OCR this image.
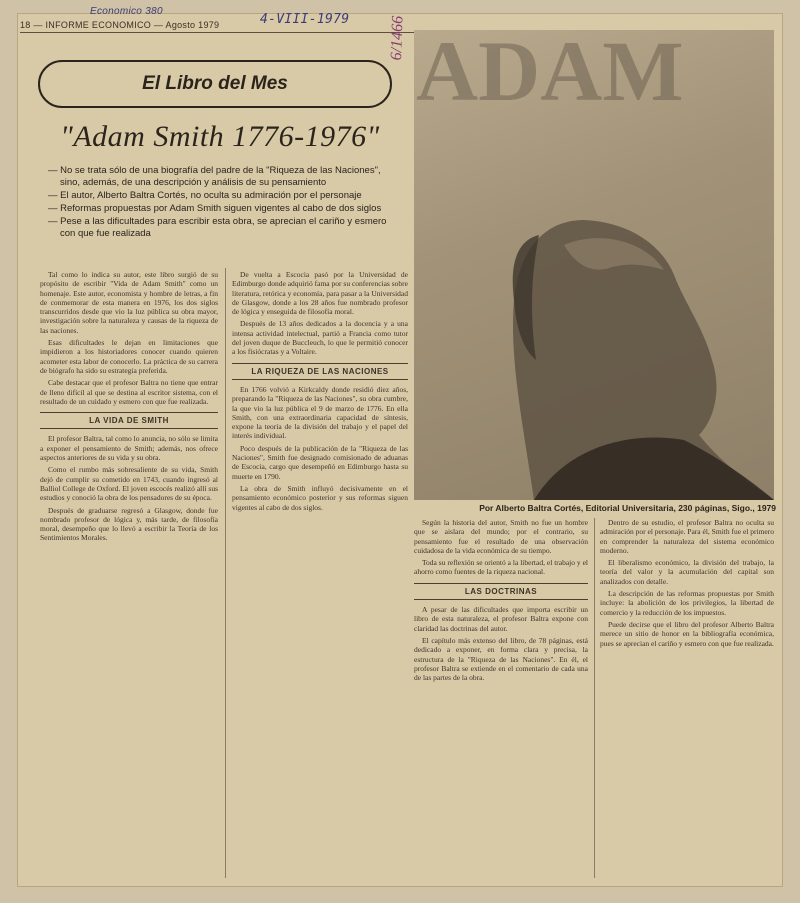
18 — INFORME ECONOMICO — Agosto 1979
Economico 380
4-VIII-1979 6/1466
El Libro del Mes
"Adam Smith 1776-1976"
— No se trata sólo de una biografía del padre de la "Riqueza de las Naciones", sino, además, de una descripción y análisis de su pensamiento
— El autor, Alberto Baltra Cortés, no oculta su admiración por el personaje
— Reformas propuestas por Adam Smith siguen vigentes al cabo de dos siglos
— Pese a las dificultades para escribir esta obra, se aprecian el cariño y esmero con que fue realizada

Tal como lo indica su autor, este libro surgió de su propósito de escribir "Vida de Adam Smith" como un homenaje. Este autor, economista y hombre de letras, a fin de conmemorar de esta manera en 1976, los dos siglos transcurridos desde que vio la luz pública su obra mayor, investigación sobre la naturaleza y causas de la riqueza de las naciones.

Esas dificultades le dejan en limitaciones que impidieron a los historiadores conocer cuando quieren acometer esta labor de conocerlo. La práctica de su carrera de biógrafo ha sido su estrategia preferida.

Cabe destacar que el profesor Baltra no tiene que entrar de lleno difícil al que se destina al escritor sistema, con el resultado de un cuidado y esmero con que fue realizada.

LA VIDA DE SMITH

El profesor Baltra, tal como lo anuncia, no sólo se limita a exponer el pensamiento de Smith; además, nos ofrece aspectos anteriores de su vida y su obra.

Como el rumbo más sobresaliente de su vida, Smith dejó de cumplir su cometido en 1743, cuando ingresó al Balliol College de Oxford. El joven escocés realizó allí sus estudios y conoció la obra de los pensadores de su época.

Después de graduarse regresó a Glasgow, donde fue nombrado profesor de lógica y, más tarde, de filosofía moral, desempeño que lo llevó a escribir la Teoría de los Sentimientos Morales.

De vuelta a Escocia pasó por la Universidad de Edimburgo donde adquirió fama por su conferencias sobre literatura, retórica y economía, para pasar a la Universidad de Glasgow, donde a los 28 años fue nombrado profesor de lógica y enseguida de filosofía moral.

Después de 13 años dedicados a la docencia y a una intensa actividad intelectual, partió a Francia como tutor del joven duque de Buccleuch, lo que le permitió conocer a los fisiócratas y a Voltaire.

LA RIQUEZA DE LAS NACIONES

En 1766 volvió a Kirkcaldy donde residió diez años, preparando la "Riqueza de las Naciones", su obra cumbre, la que vio la luz pública el 9 de marzo de 1776. En ella Smith, con una extraordinaria capacidad de síntesis, expone la teoría de la división del trabajo y el papel del interés individual.

Poco después de la publicación de la "Riqueza de las Naciones", Smith fue designado comisionado de aduanas de Escocia, cargo que desempeñó en Edimburgo hasta su muerte en 1790.

La obra de Smith influyó decisivamente en el pensamiento económico posterior y sus reformas siguen vigentes al cabo de dos siglos.

ADAM
Por Alberto Baltra Cortés, Editorial Universitaria, 230 páginas, Sigo., 1979

Según la historia del autor, Smith no fue un hombre que se aislara del mundo; por el contrario, su pensamiento fue el resultado de una observación cuidadosa de la vida económica de su tiempo.

Toda su reflexión se orientó a la libertad, el trabajo y el ahorro como fuentes de la riqueza nacional.

LAS DOCTRINAS

A pesar de las dificultades que importa escribir un libro de esta naturaleza, el profesor Baltra expone con claridad las doctrinas del autor.

El capítulo más extenso del libro, de 78 páginas, está dedicado a exponer, en forma clara y precisa, la estructura de la "Riqueza de las Naciones". En él, el profesor Baltra se extiende en el comentario de cada una de las partes de la obra.

Dentro de su estudio, el profesor Baltra no oculta su admiración por el personaje. Para él, Smith fue el primero en comprender la naturaleza del sistema económico moderno.

El liberalismo económico, la división del trabajo, la teoría del valor y la acumulación del capital son analizados con detalle.

La descripción de las reformas propuestas por Smith incluye: la abolición de los privilegios, la libertad de comercio y la reducción de los impuestos.

Puede decirse que el libro del profesor Alberto Baltra merece un sitio de honor en la bibliografía económica, pues se aprecian el cariño y esmero con que fue realizada.
